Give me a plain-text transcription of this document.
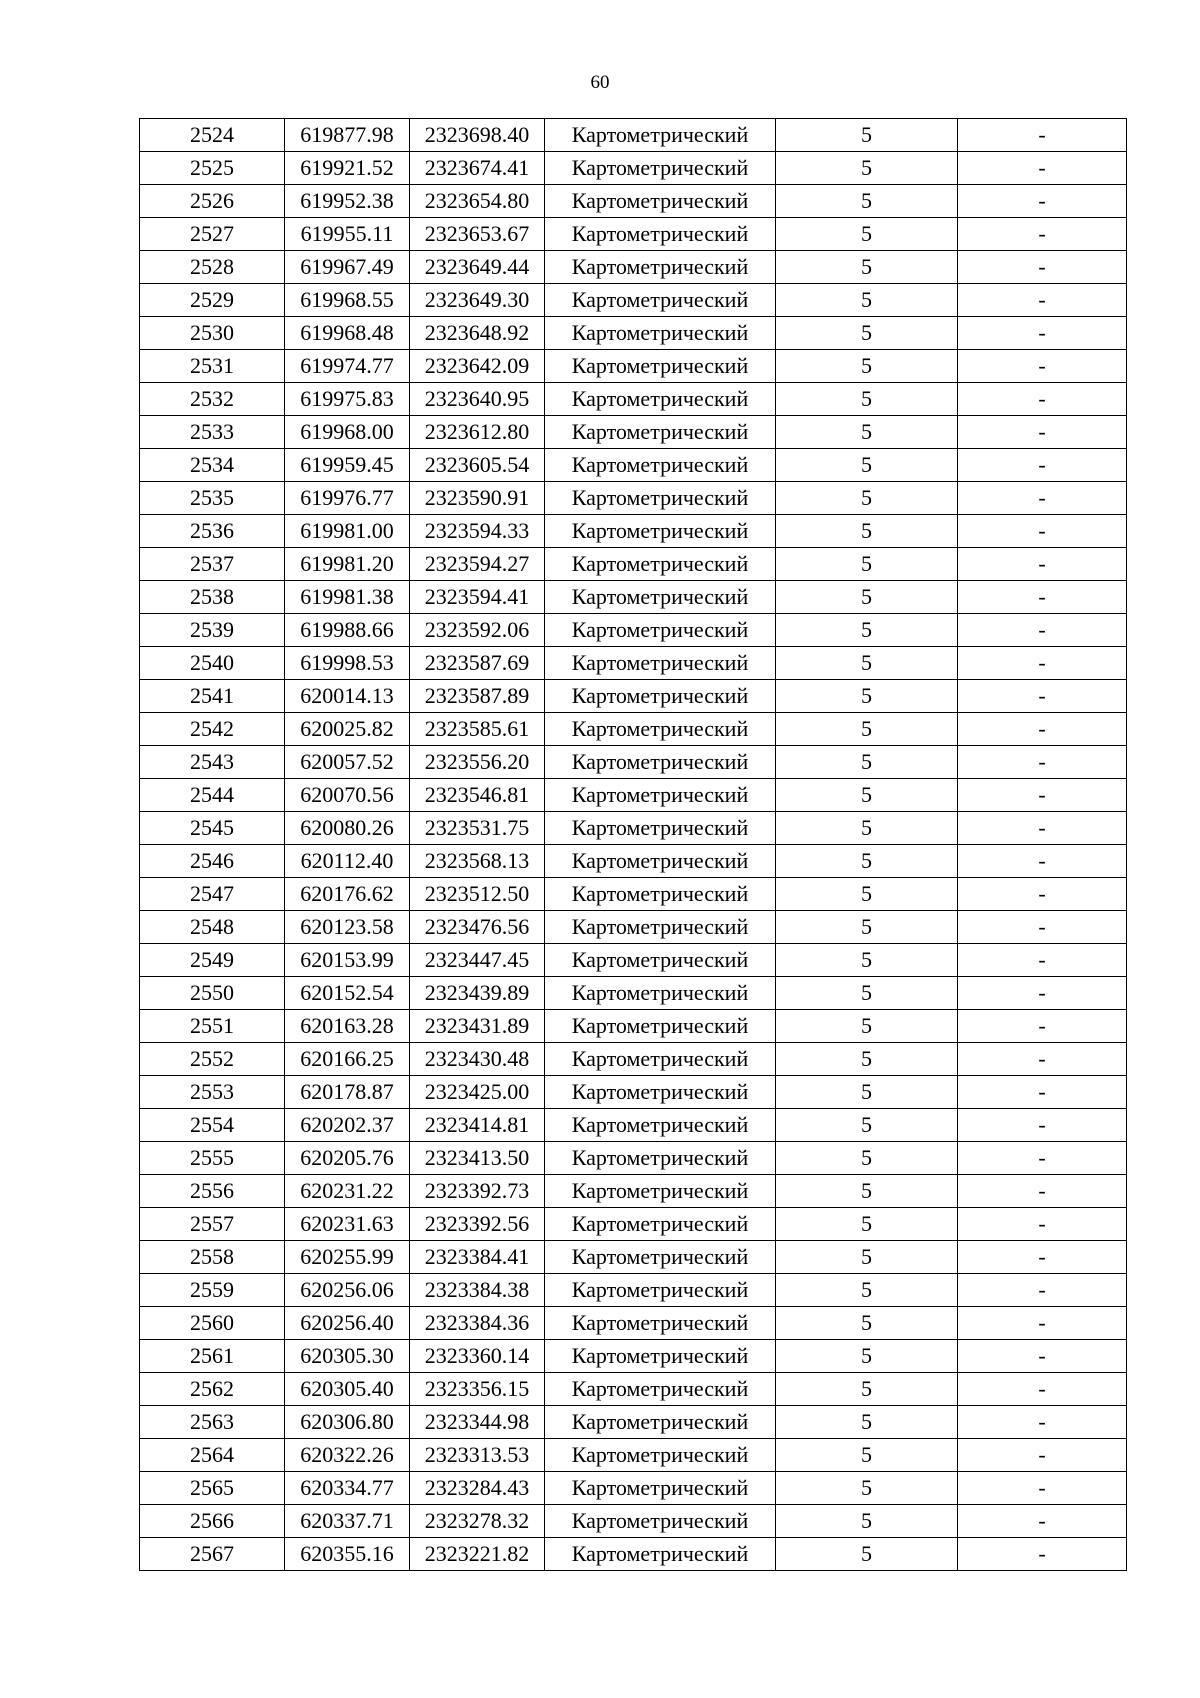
60
2524	619877.98	2323698.40	Картометрический	5	-
2525	619921.52	2323674.41	Картометрический	5	-
2526	619952.38	2323654.80	Картометрический	5	-
2527	619955.11	2323653.67	Картометрический	5	-
2528	619967.49	2323649.44	Картометрический	5	-
2529	619968.55	2323649.30	Картометрический	5	-
2530	619968.48	2323648.92	Картометрический	5	-
2531	619974.77	2323642.09	Картометрический	5	-
2532	619975.83	2323640.95	Картометрический	5	-
2533	619968.00	2323612.80	Картометрический	5	-
2534	619959.45	2323605.54	Картометрический	5	-
2535	619976.77	2323590.91	Картометрический	5	-
2536	619981.00	2323594.33	Картометрический	5	-
2537	619981.20	2323594.27	Картометрический	5	-
2538	619981.38	2323594.41	Картометрический	5	-
2539	619988.66	2323592.06	Картометрический	5	-
2540	619998.53	2323587.69	Картометрический	5	-
2541	620014.13	2323587.89	Картометрический	5	-
2542	620025.82	2323585.61	Картометрический	5	-
2543	620057.52	2323556.20	Картометрический	5	-
2544	620070.56	2323546.81	Картометрический	5	-
2545	620080.26	2323531.75	Картометрический	5	-
2546	620112.40	2323568.13	Картометрический	5	-
2547	620176.62	2323512.50	Картометрический	5	-
2548	620123.58	2323476.56	Картометрический	5	-
2549	620153.99	2323447.45	Картометрический	5	-
2550	620152.54	2323439.89	Картометрический	5	-
2551	620163.28	2323431.89	Картометрический	5	-
2552	620166.25	2323430.48	Картометрический	5	-
2553	620178.87	2323425.00	Картометрический	5	-
2554	620202.37	2323414.81	Картометрический	5	-
2555	620205.76	2323413.50	Картометрический	5	-
2556	620231.22	2323392.73	Картометрический	5	-
2557	620231.63	2323392.56	Картометрический	5	-
2558	620255.99	2323384.41	Картометрический	5	-
2559	620256.06	2323384.38	Картометрический	5	-
2560	620256.40	2323384.36	Картометрический	5	-
2561	620305.30	2323360.14	Картометрический	5	-
2562	620305.40	2323356.15	Картометрический	5	-
2563	620306.80	2323344.98	Картометрический	5	-
2564	620322.26	2323313.53	Картометрический	5	-
2565	620334.77	2323284.43	Картометрический	5	-
2566	620337.71	2323278.32	Картометрический	5	-
2567	620355.16	2323221.82	Картометрический	5	-
